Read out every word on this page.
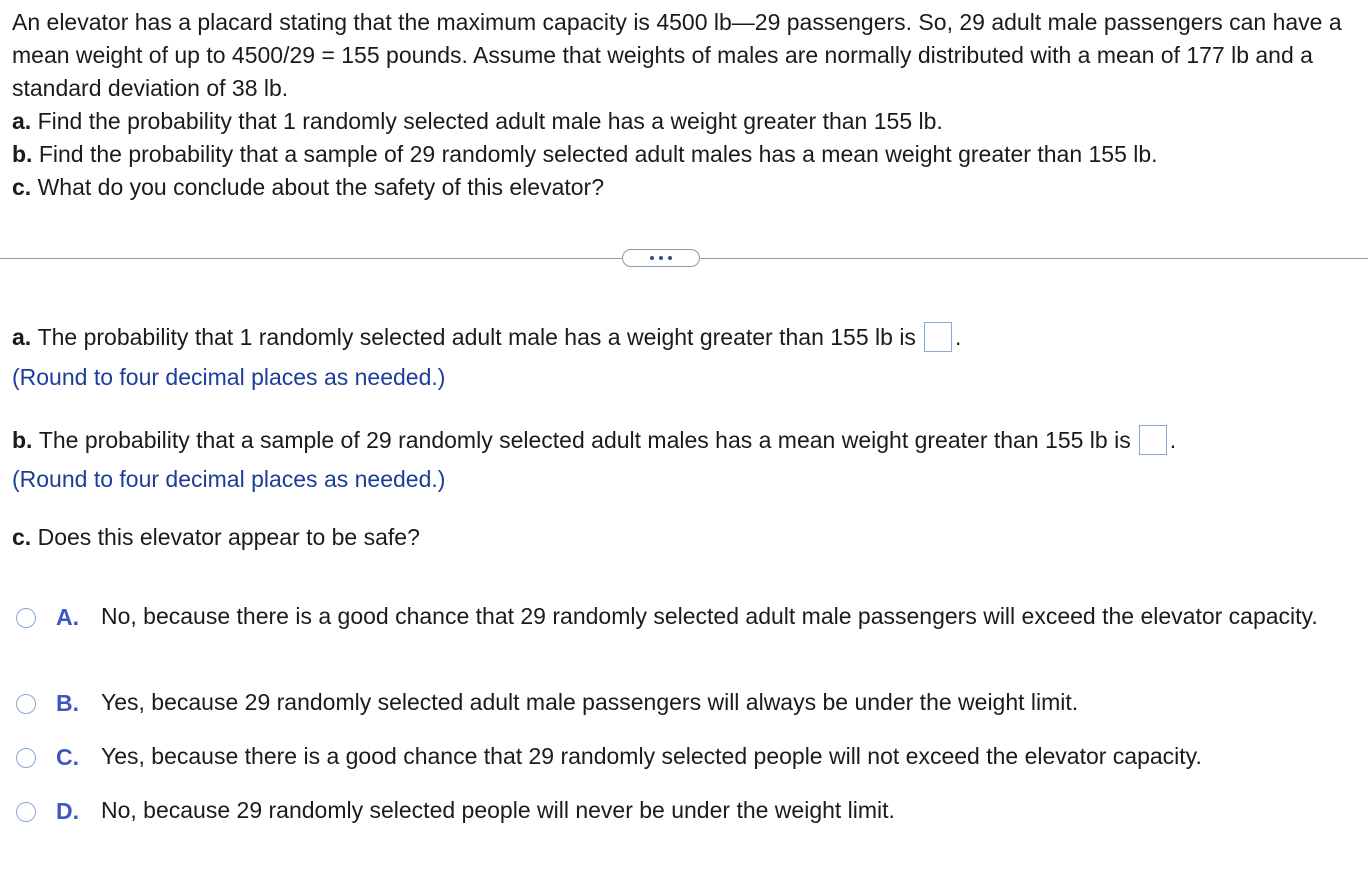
An elevator has a placard stating that the maximum capacity is 4500 lb—29 passengers. So, 29 adult male passengers can have a mean weight of up to 4500/29 = 155 pounds. Assume that weights of males are normally distributed with a mean of 177 lb and a standard deviation of 38 lb.

a. Find the probability that 1 randomly selected adult male has a weight greater than 155 lb.

b. Find the probability that a sample of 29 randomly selected adult males has a mean weight greater than 155 lb.

c. What do you conclude about the safety of this elevator?

a.
The probability that 1 randomly selected adult male has a weight greater than 155 lb is .
(Round to four decimal places as needed.)
b.
The probability that a sample of 29 randomly selected adult males has a mean weight greater than 155 lb is .
(Round to four decimal places as needed.)
c.
Does this elevator appear to be safe?
A. No, because there is a good chance that 29 randomly selected adult male passengers will exceed the elevator capacity.
B. Yes, because 29 randomly selected adult male passengers will always be under the weight limit.
C. Yes, because there is a good chance that 29 randomly selected people will not exceed the elevator capacity.
D. No, because 29 randomly selected people will never be under the weight limit.
